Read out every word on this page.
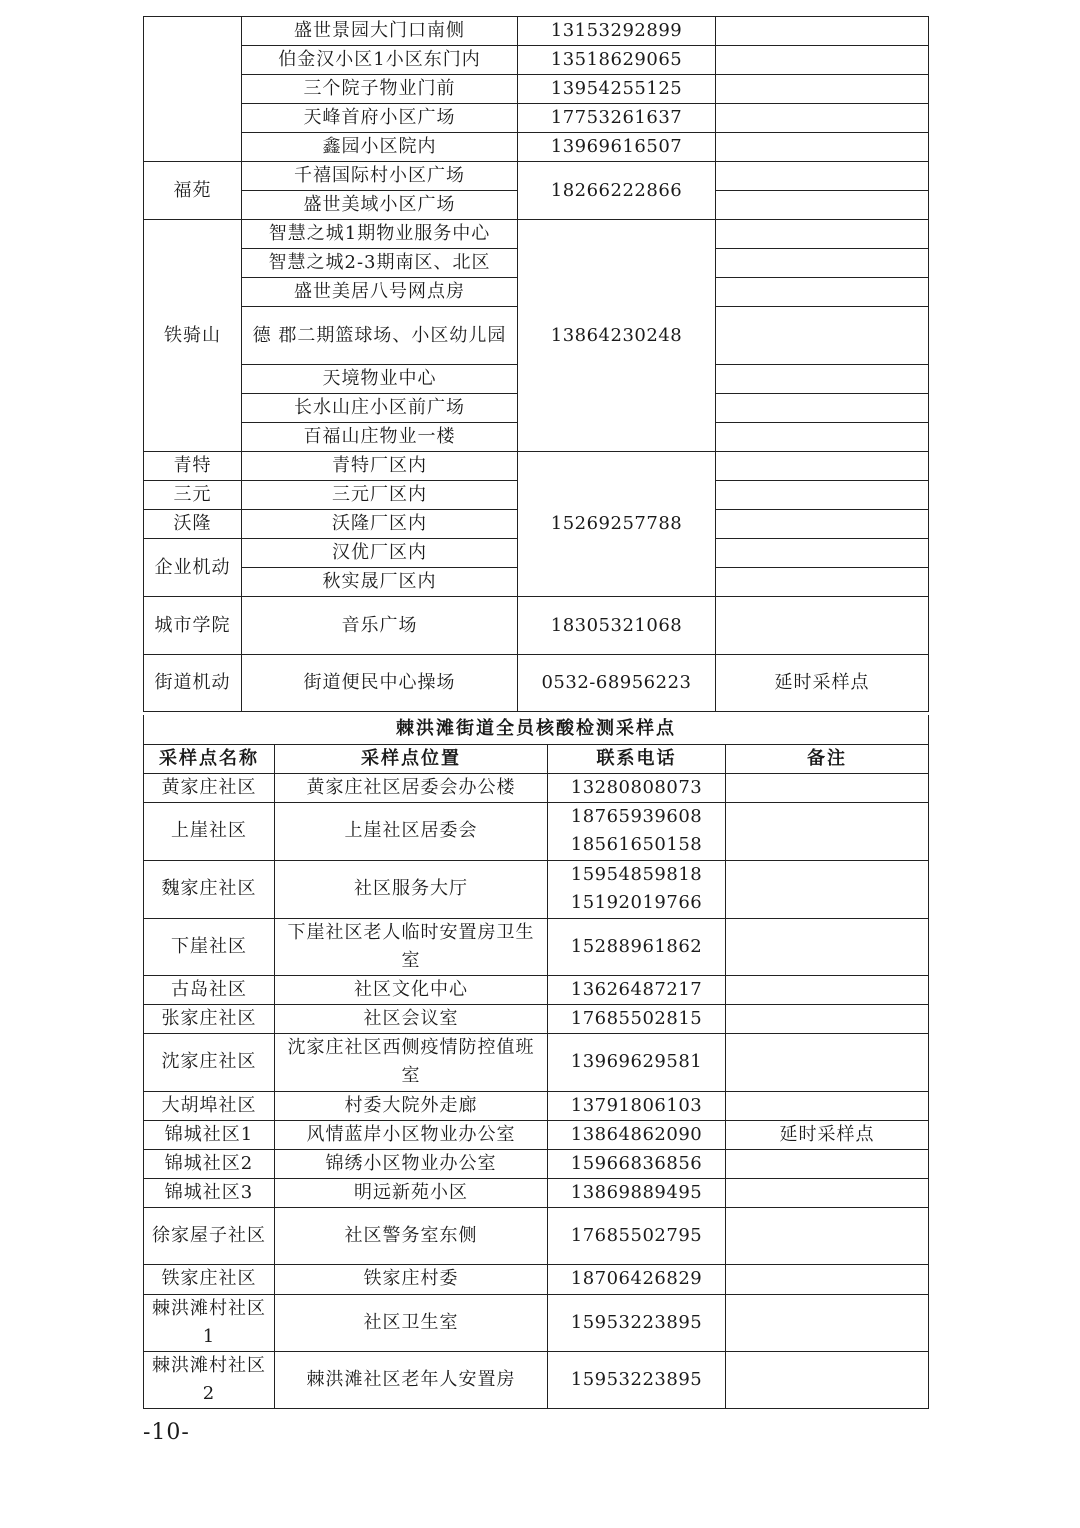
	盛世景园大门口南侧	13153292899	
	伯金汉小区1小区东门内	13518629065	
	三个院子物业门前	13954255125	
	天峰首府小区广场	17753261637	
	鑫园小区院内	13969616507	
福苑	千禧国际村小区广场	18266222866	
	盛世美域小区广场		
铁骑山	智慧之城1期物业服务中心	13864230248	
	智慧之城2-3期南区、北区		
	盛世美居八号网点房		
	德 郡二期篮球场、小区幼儿园		
	天境物业中心		
	长水山庄小区前广场		
	百福山庄物业一楼		
青特	青特厂区内	15269257788	
三元	三元厂区内		
沃隆	沃隆厂区内		
企业机动	汉优厂区内		
	秋实晟厂区内		
城市学院	音乐广场	18305321068	
街道机动	街道便民中心操场	0532-68956223	延时采样点
棘洪滩街道全员核酸检测采样点			
采样点名称	采样点位置	联系电话	备注
黄家庄社区	黄家庄社区居委会办公楼	13280808073	

上崖社区	上崖社区居委会	18765939608
18561650158	

魏家庄社区	社区服务大厅	15954859818
15192019766	

下崖社区	下崖社区老人临时安置房卫生室	15288961862	

古岛社区	社区文化中心	13626487217	

张家庄社区	社区会议室	17685502815	

沈家庄社区	沈家庄社区西侧疫情防控值班室	13969629581	

大胡埠社区	村委大院外走廊	13791806103	

锦城社区1	风情蓝岸小区物业办公室	13864862090	延时采样点
锦城社区2	锦绣小区物业办公室	15966836856	

锦城社区3	明远新苑小区	13869889495	

徐家屋子社区	社区警务室东侧	17685502795	

铁家庄社区	铁家庄村委	18706426829	

棘洪滩村社区1	社区卫生室	15953223895	

棘洪滩村社区2	棘洪滩社区老年人安置房	15953223895	

-10-
